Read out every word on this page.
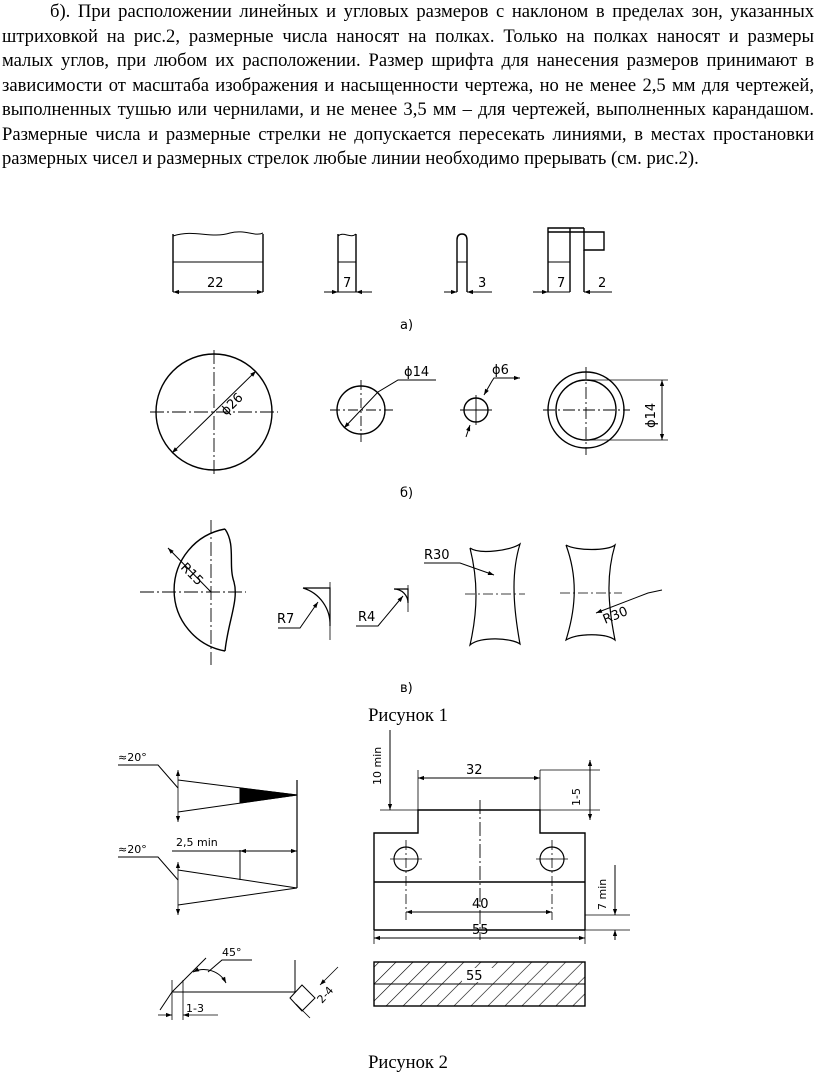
б). При расположении линейных и угловых размеров с наклоном в пределах зон, указанных штриховкой на рис.2, размерные числа наносят на полках. Только на полках наносят и размеры малых углов, при любом их расположении. Размер шрифта для нанесения размеров принимают в зависимости от масштаба изображения и насыщенности чертежа, но не менее 2,5 мм для чертежей, выполненных тушью или чернилами, и не менее 3,5 мм – для чертежей, выполненных карандашом. Размерные числа и размерные стрелки не допускается пересекать линиями, в местах простановки размерных чисел и размерных стрелок любые линии необходимо прерывать (см. рис.2).
22	7	3	7	2
а)
ϕ26
ϕ14	ϕ6
ϕ14
б)
R15
R7	R4
R30
R30
в)
≈20°
≈20°
2,5 min
45°
1-3
2-4
32
10 min
1-5
40
55
7 min
55
Рисунок 1
Рисунок 2
